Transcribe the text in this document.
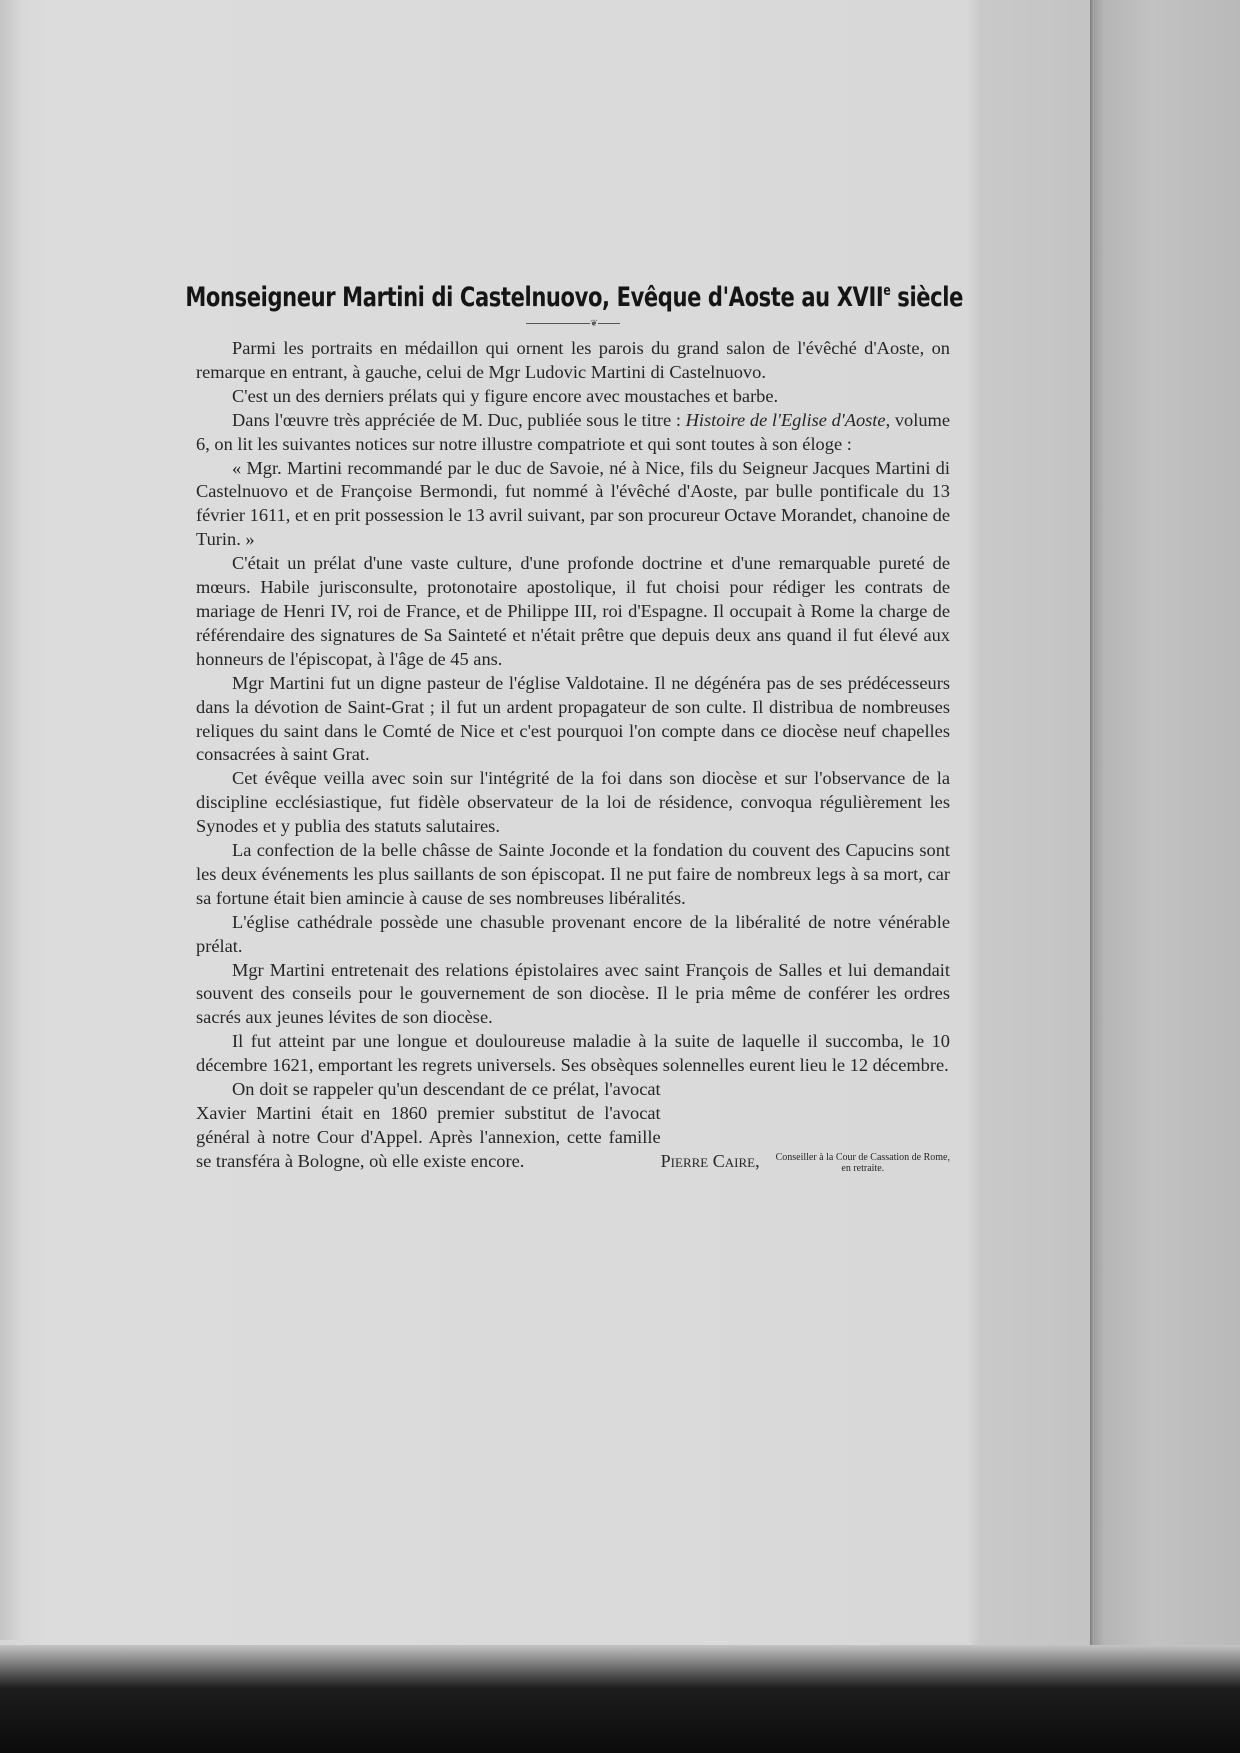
Monseigneur Martini di Castelnuovo, Evêque d'Aoste au XVIIe siècle
❦

Parmi les portraits en médaillon qui ornent les parois du grand salon de l'évêché d'Aoste, on remarque en entrant, à gauche, celui de Mgr Ludovic Martini di Castelnuovo.

C'est un des derniers prélats qui y figure encore avec moustaches et barbe.

Dans l'œuvre très appréciée de M. Duc, publiée sous le titre : Histoire de l'Eglise d'Aoste, volume 6, on lit les suivantes notices sur notre illustre compatriote et qui sont toutes à son éloge :

« Mgr. Martini recommandé par le duc de Savoie, né à Nice, fils du Seigneur Jacques Martini di Castelnuovo et de Françoise Bermondi, fut nommé à l'évêché d'Aoste, par bulle pontificale du 13 février 1611, et en prit possession le 13 avril suivant, par son procureur Octave Morandet, chanoine de Turin. »

C'était un prélat d'une vaste culture, d'une profonde doctrine et d'une remarquable pureté de mœurs. Habile jurisconsulte, protonotaire apostolique, il fut choisi pour rédiger les contrats de mariage de Henri IV, roi de France, et de Philippe III, roi d'Espagne. Il occupait à Rome la charge de référendaire des signatures de Sa Sainteté et n'était prêtre que depuis deux ans quand il fut élevé aux honneurs de l'épiscopat, à l'âge de 45 ans.

Mgr Martini fut un digne pasteur de l'église Valdotaine. Il ne dégénéra pas de ses prédécesseurs dans la dévotion de Saint-Grat ; il fut un ardent propagateur de son culte. Il distribua de nombreuses reliques du saint dans le Comté de Nice et c'est pourquoi l'on compte dans ce diocèse neuf chapelles consacrées à saint Grat.

Cet évêque veilla avec soin sur l'intégrité de la foi dans son diocèse et sur l'observance de la discipline ecclésiastique, fut fidèle observateur de la loi de résidence, convoqua régulièrement les Synodes et y publia des statuts salutaires.

La confection de la belle châsse de Sainte Joconde et la fondation du couvent des Capucins sont les deux événements les plus saillants de son épiscopat. Il ne put faire de nombreux legs à sa mort, car sa fortune était bien amincie à cause de ses nombreuses libéralités.

L'église cathédrale possède une chasuble provenant encore de la libéralité de notre vénérable prélat.

Mgr Martini entretenait des relations épistolaires avec saint François de Salles et lui demandait souvent des conseils pour le gouvernement de son diocèse. Il le pria même de conférer les ordres sacrés aux jeunes lévites de son diocèse.

Il fut atteint par une longue et douloureuse maladie à la suite de laquelle il succomba, le 10 décembre 1621, emportant les regrets universels. Ses obsèques solennelles eurent lieu le 12 décembre.

On doit se rappeler qu'un descendant de ce prélat, l'avocat Xavier Martini était en 1860 premier substitut de l'avocat général à notre Cour d'Appel. Après l'annexion, cette famille se transféra à Bologne, où elle existe encore.	Pierre Caire, Conseiller à la Cour de Cassation de Rome,
en retraite.
